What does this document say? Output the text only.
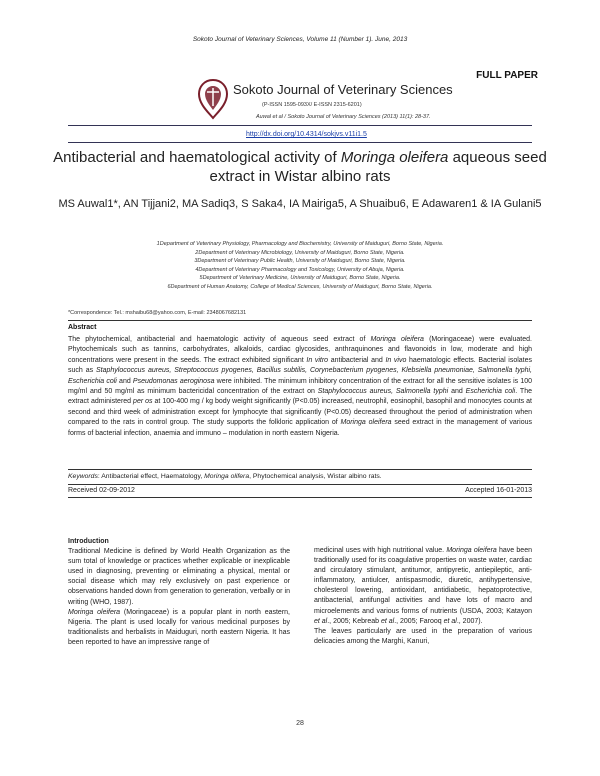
Sokoto Journal of Veterinary Sciences, Volume 11 (Number 1). June, 2013
FULL PAPER
Sokoto Journal of Veterinary Sciences
(P-ISSN 1595-093X/ E-ISSN 2315-6201)
Auwal et al / Sokoto Journal of Veterinary Sciences (2013) 11(1): 28-37.
http://dx.doi.org/10.4314/sokjvs.v11i1.5
Antibacterial and haematological activity of Moringa oleifera aqueous seed extract in Wistar albino rats
MS Auwal1*, AN Tijjani2, MA Sadiq3, S Saka4, IA Mairiga5, A Shuaibu6, E Adawaren1 & IA Gulani5
1Department of Veterinary Physiology, Pharmacology and Biochemistry, University of Maiduguri, Borno State, Nigeria.
2Department of Veterinary Microbiology, University of Maiduguri, Borno State, Nigeria.
3Department of Veterinary Public Health, University of Maiduguri, Borno State, Nigeria.
4Department of Veterinary Pharmacology and Toxicology, University of Abuja, Nigeria.
5Department of Veterinary Medicine, University of Maiduguri, Borno State, Nigeria.
6Department of Human Anatomy, College of Medical Sciences, University of Maiduguri, Borno State, Nigeria.
*Correspondence: Tel.: mshaibu68@yahoo.com, E-mail: 2348067682131
Abstract
The phytochemical, antibacterial and haematologic activity of aqueous seed extract of Moringa oleifera (Moringaceae) were evaluated. Phytochemicals such as tannins, carbohydrates, alkaloids, cardiac glycosides, anthraquinones and flavonoids in low, moderate and high concentrations were present in the seeds. The extract exhibited significant In vitro antibacterial and In vivo haematologic effects. Bacterial isolates such as Staphylococcus aureus, Streptococcus pyogenes, Bacillus subtilis, Corynebacterium pyogenes, Klebsiella pneumoniae, Salmonella typhi, Escherichia coli and Pseudomonas aeroginosa were inhibited. The minimum inhibitory concentration of the extract for all the sensitive isolates is 100 mg/ml and 50 mg/ml as minimum bactericidal concentration of the extract on Staphylococcus aureus, Salmonella typhi and Escherichia coli. The extract administered per os at 100-400 mg / kg body weight significantly (P<0.05) increased, neutrophil, eosinophil, basophil and monocytes counts at second and third week of administration except for lymphocyte that significantly (P<0.05) decreased throughout the period of administration when compared to the rats in control group. The study supports the folkloric application of Moringa oleifera seed extract in the management of various forms of bacterial infection, anaemia and immuno – modulation in north eastern Nigeria.
Keywords: Antibacterial effect, Haematology, Moringa olifera, Phytochemical analysis, Wistar albino rats.
Received 02-09-2012	Accepted 16-01-2013

Introduction

Traditional Medicine is defined by World Health Organization as the sum total of knowledge or practices whether explicable or inexplicable used in diagnosing, preventing or eliminating a physical, mental or social disease which may rely exclusively on past experience or observations handed down from generation to generation, verbally or in writing (WHO, 1987).

Moringa oleifera (Moringaceae) is a popular plant in north eastern, Nigeria. The plant is used locally for various medicinal purposes by traditionalists and herbalists in Maiduguri, north eastern Nigeria. It has been reported to have an impressive range of

medicinal uses with high nutritional value. Moringa oleifera have been traditionally used for its coagulative properties on waste water, cardiac and circulatory stimulant, antitumor, antipyretic, antiepileptic, anti-inflammatory, antiulcer, antispasmodic, diuretic, antihypertensive, cholesterol lowering, antioxidant, antidiabetic, hepatoprotective, antibacterial, antifungal activities and have lots of macro and microelements and various forms of nutrients (USDA, 2003; Katayon et al., 2005; Kebreab et al., 2005; Farooq et al., 2007).

The leaves particularly are used in the preparation of various delicacies among the Marghi, Kanuri,

28
